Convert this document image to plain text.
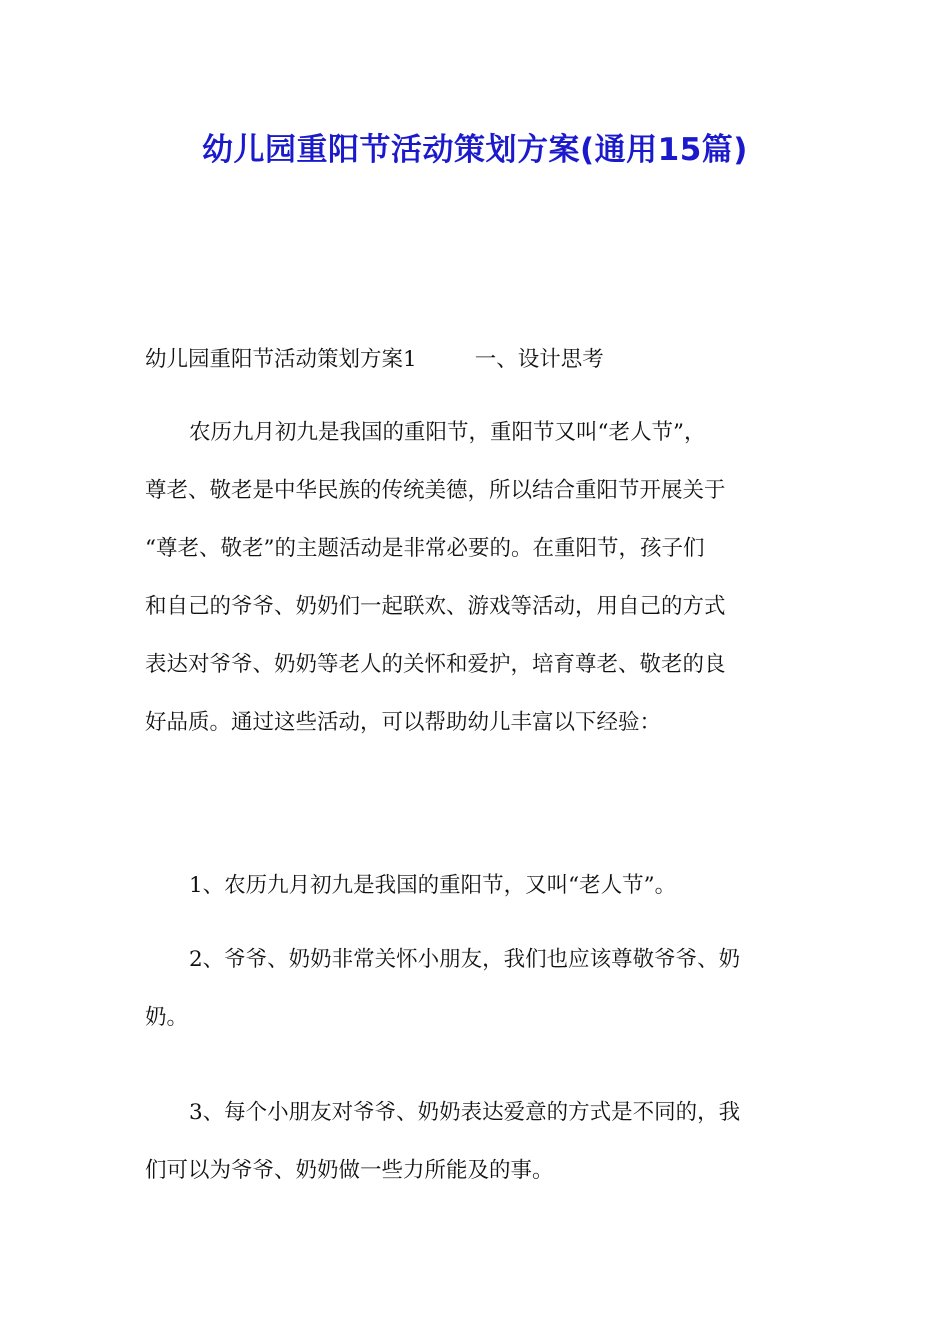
幼儿园重阳节活动策划方案(通用15篇)
幼儿园重阳节活动策划方案1	一、设计思考
农历九月初九是我国的重阳节，重阳节又叫“老人节”，
尊老、敬老是中华民族的传统美德，所以结合重阳节开展关于
“尊老、敬老”的主题活动是非常必要的。在重阳节，孩子们
和自己的爷爷、奶奶们一起联欢、游戏等活动，用自己的方式
表达对爷爷、奶奶等老人的关怀和爱护，培育尊老、敬老的良
好品质。通过这些活动，可以帮助幼儿丰富以下经验：
1、农历九月初九是我国的重阳节，又叫“老人节”。
2、爷爷、奶奶非常关怀小朋友，我们也应该尊敬爷爷、奶
奶。
3、每个小朋友对爷爷、奶奶表达爱意的方式是不同的，我
们可以为爷爷、奶奶做一些力所能及的事。
